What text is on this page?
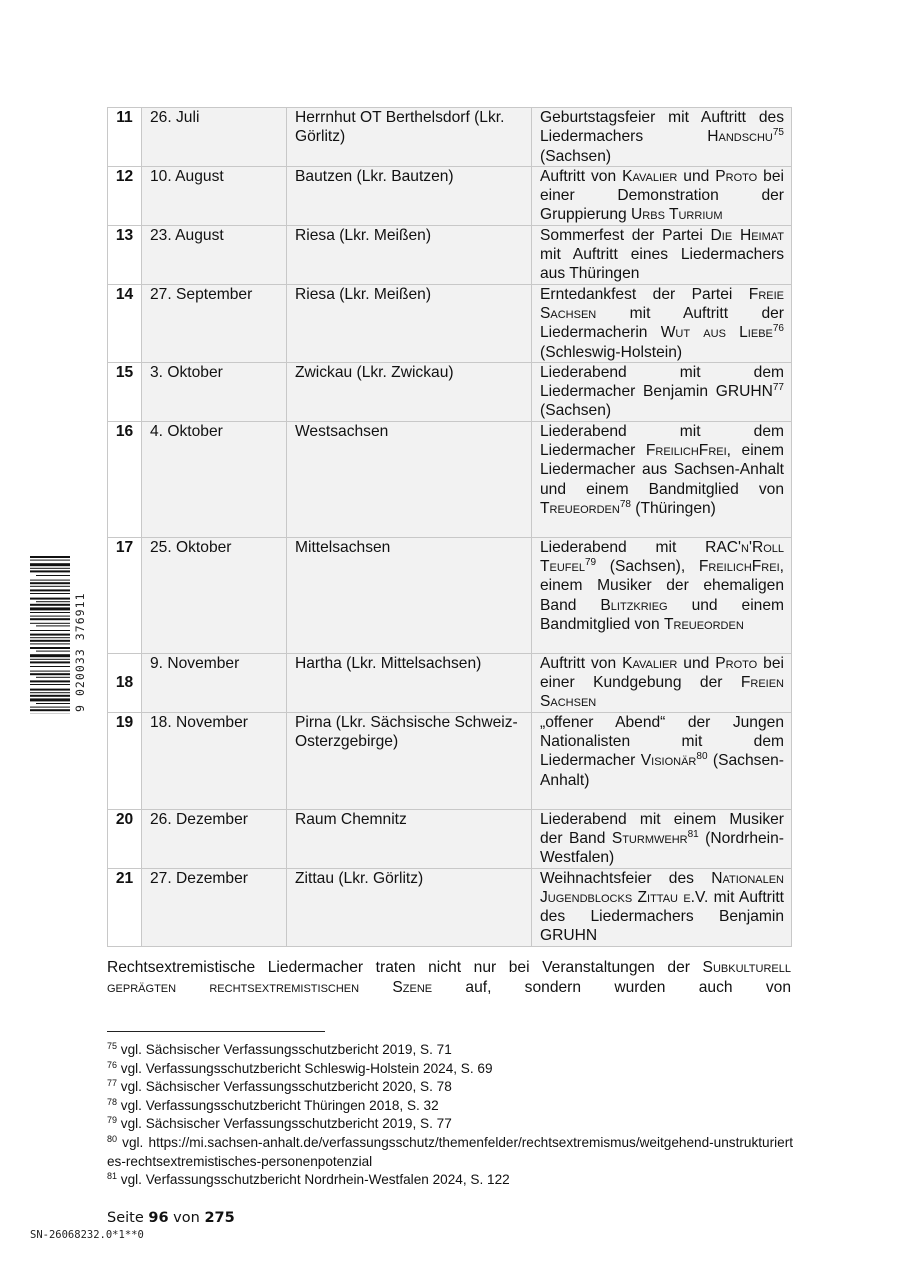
11	26. Juli	Herrnhut OT Berthelsdorf (Lkr. Görlitz)	Geburtstagsfeier mit Auftritt des Liedermachers Handschu$^{75}$ (Sachsen)
12	10. August	Bautzen (Lkr. Bautzen)	Auftritt von Kavalier und Proto bei einer Demonstration der Gruppierung Urbs Turrium
13	23. August	Riesa (Lkr. Meißen)	Sommerfest der Partei Die Heimat mit Auftritt eines Liedermachers aus Thüringen
14	27. September	Riesa (Lkr. Meißen)	Erntedankfest der Partei Freie Sachsen mit Auftritt der Liedermacherin Wut aus Liebe$^{76}$ (Schleswig-Holstein)
15	3. Oktober	Zwickau (Lkr. Zwickau)	Liederabend mit dem Liedermacher Benjamin GRUHN$^{77}$ (Sachsen)
16	4. Oktober	Westsachsen	Liederabend mit dem Liedermacher FreilichFrei, einem Liedermacher aus Sachsen-Anhalt und einem Bandmitglied von Treueorden$^{78}$ (Thüringen)
17	25. Oktober	Mittelsachsen	Liederabend mit RAC'n'Roll Teufel$^{79}$ (Sachsen), FreilichFrei, einem Musiker der ehemaligen Band Blitzkrieg und einem Bandmitglied von Treueorden
18	9. November	Hartha (Lkr. Mittelsachsen)	Auftritt von Kavalier und Proto bei einer Kundgebung der Freien Sachsen
19	18. November	Pirna (Lkr. Sächsische Schweiz-Osterzgebirge)	„offener Abend“ der Jungen Nationalisten mit dem Liedermacher Visionär$^{80}$ (Sachsen-Anhalt)
20	26. Dezember	Raum Chemnitz	Liederabend mit einem Musiker der Band Sturmwehr$^{81}$ (Nordrhein-Westfalen)
21	27. Dezember	Zittau (Lkr. Görlitz)	Weihnachtsfeier des Nationalen Jugendblocks Zittau e.V. mit Auftritt des Liedermachers Benjamin GRUHN

Rechtsextremistische Liedermacher traten nicht nur bei Veranstaltungen der Subkulturell geprägten rechtsextremistischen Szene auf, sondern wurden auch von

$^{75}$ vgl. Sächsischer Verfassungsschutzbericht 2019, S. 71
$^{76}$ vgl. Verfassungsschutzbericht Schleswig-Holstein 2024, S. 69
$^{77}$ vgl. Sächsischer Verfassungsschutzbericht 2020, S. 78
$^{78}$ vgl. Verfassungsschutzbericht Thüringen 2018, S. 32
$^{79}$ vgl. Sächsischer Verfassungsschutzbericht 2019, S. 77
$^{80}$ vgl. https://mi.sachsen-anhalt.de/verfassungsschutz/themenfelder/rechtsextremismus/weitgehend-unstrukturiertes-rechtsextremistisches-personenpotenzial
$^{81}$ vgl. Verfassungsschutzbericht Nordrhein-Westfalen 2024, S. 122
Seite 96 von 275
SN-26068232.0*1**0
9 020033 376911
